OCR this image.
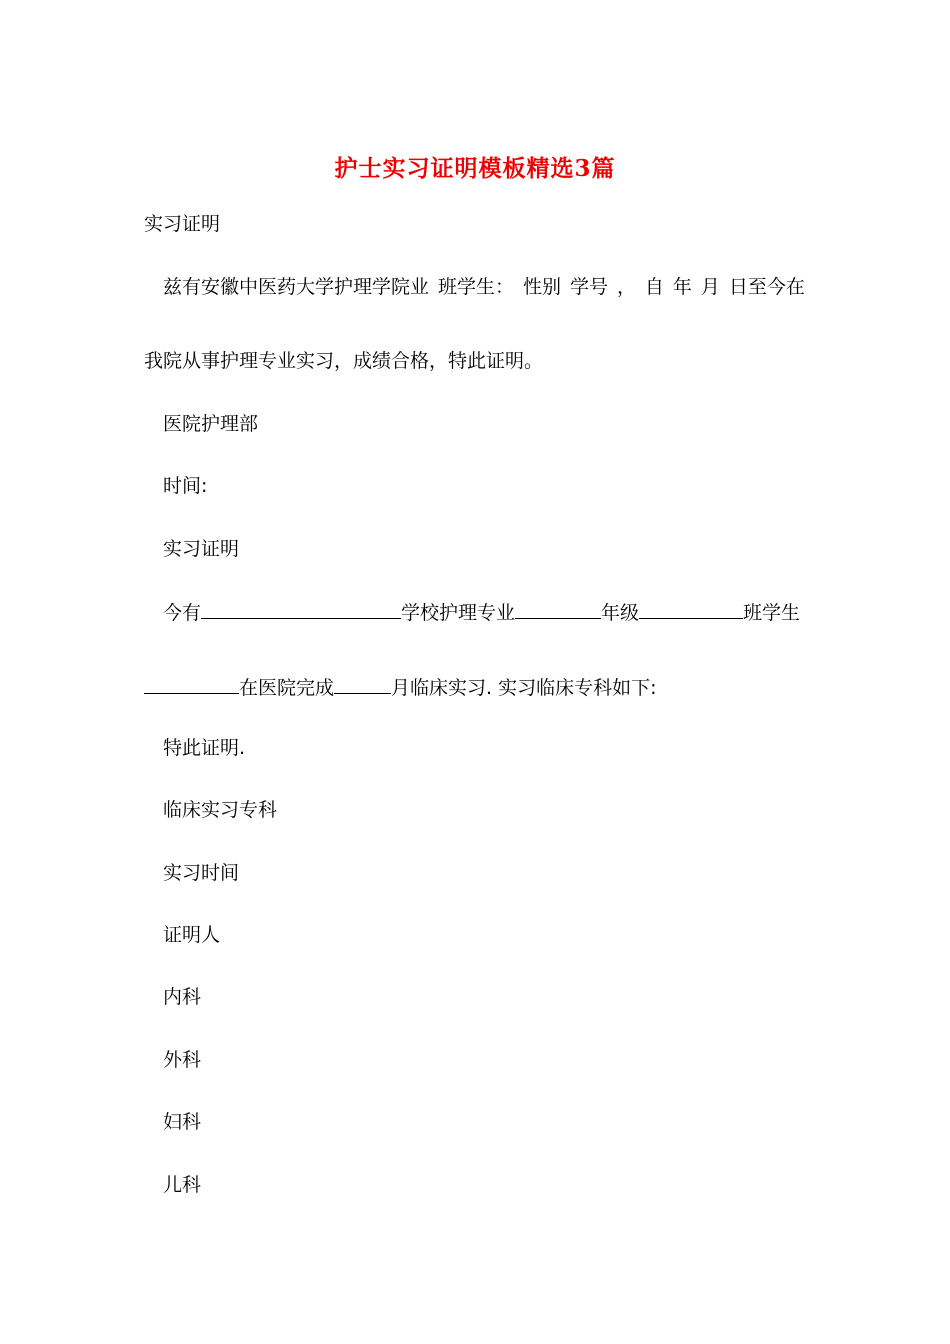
护士实习证明模板精选3篇
实习证明
兹有安徽中医药大学护理学院业 班学生： 性别 学号 ， 自 年 月 日至今在
我院从事护理专业实习，成绩合格，特此证明。
医院护理部
时间:
实习证明
今有	学校护理专业	年级	班学生
在医院完成	月临床实习. 实习临床专科如下:
特此证明.
临床实习专科
实习时间
证明人
内科
外科
妇科
儿科
